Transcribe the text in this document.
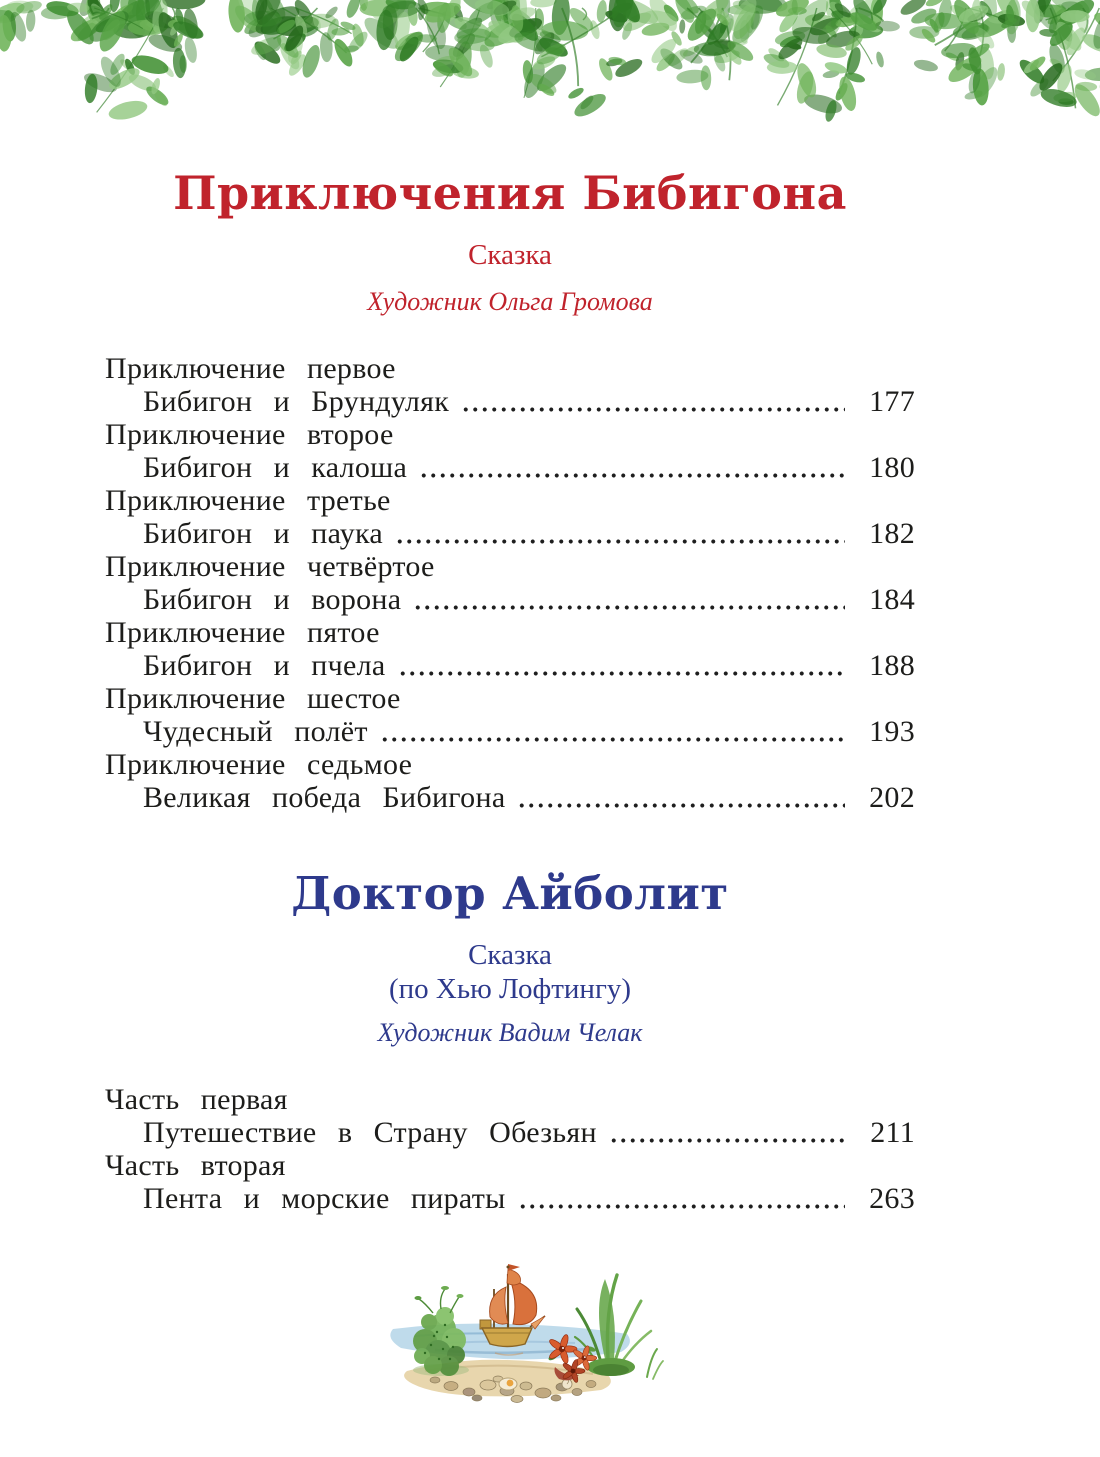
Приключения Бибигона
Сказка
Художник Ольга Громова
Приключение первое
Бибигон и Брундуляк	177
Приключение второе
Бибигон и калоша	180
Приключение третье
Бибигон и паука	182
Приключение четвёртое
Бибигон и ворона	184
Приключение пятое
Бибигон и пчела	188
Приключение шестое
Чудесный полёт	193
Приключение седьмое
Великая победа Бибигона	202
Доктор Айболит
Сказка
(по Хью Лофтингу)
Художник Вадим Челак
Часть первая
Путешествие в Страну Обезьян	211
Часть вторая
Пента и морские пираты	263
